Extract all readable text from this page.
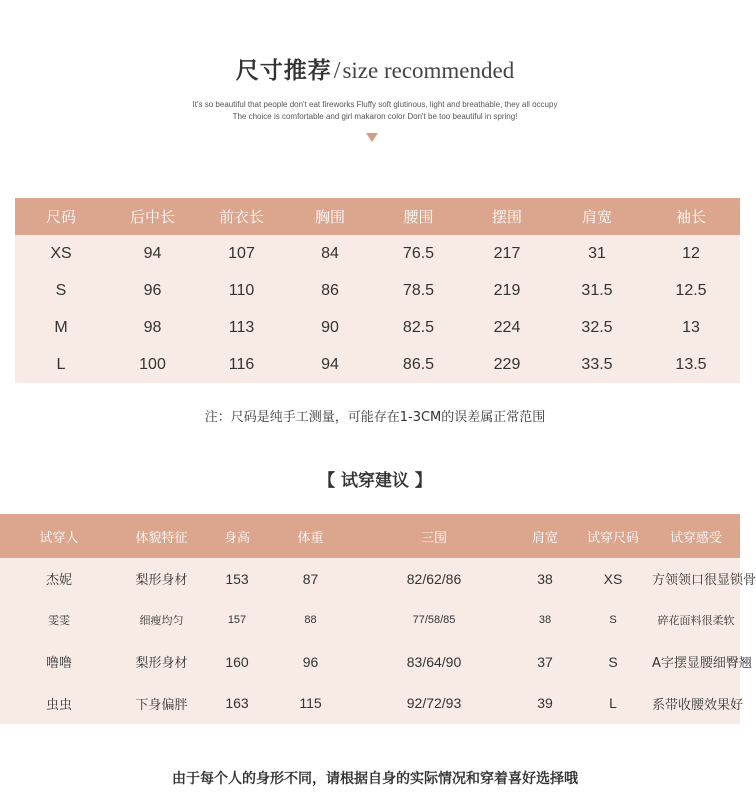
尺寸推荐/size recommended
It's so beautiful that people don't eat fireworks Fluffy soft glutinous, light and breathable, they all occupy
The choice is comfortable and girl makaron color Don't be too beautiful in spring!
尺码	后中长	前衣长	胸围	腰围	摆围	肩宽	袖长
XS	94	107	84	76.5	217	31	12
S	96	110	86	78.5	219	31.5	12.5
M	98	113	90	82.5	224	32.5	13
L	100	116	94	86.5	229	33.5	13.5
注：尺码是纯手工测量，可能存在1-3CM的误差属正常范围
【 试穿建议 】
试穿人	体貌特征	身高	体重	三围	肩宽	试穿尺码	试穿感受
杰妮	梨形身材	153	87	82/62/86	38	XS	方领领口很显锁骨
雯雯	细瘦均匀	157	88	77/58/85	38	S	碎花面料很柔软
噜噜	梨形身材	160	96	83/64/90	37	S	A字摆显腰细臀翘
虫虫	下身偏胖	163	115	92/72/93	39	L	系带收腰效果好
由于每个人的身形不同，请根据自身的实际情况和穿着喜好选择哦
